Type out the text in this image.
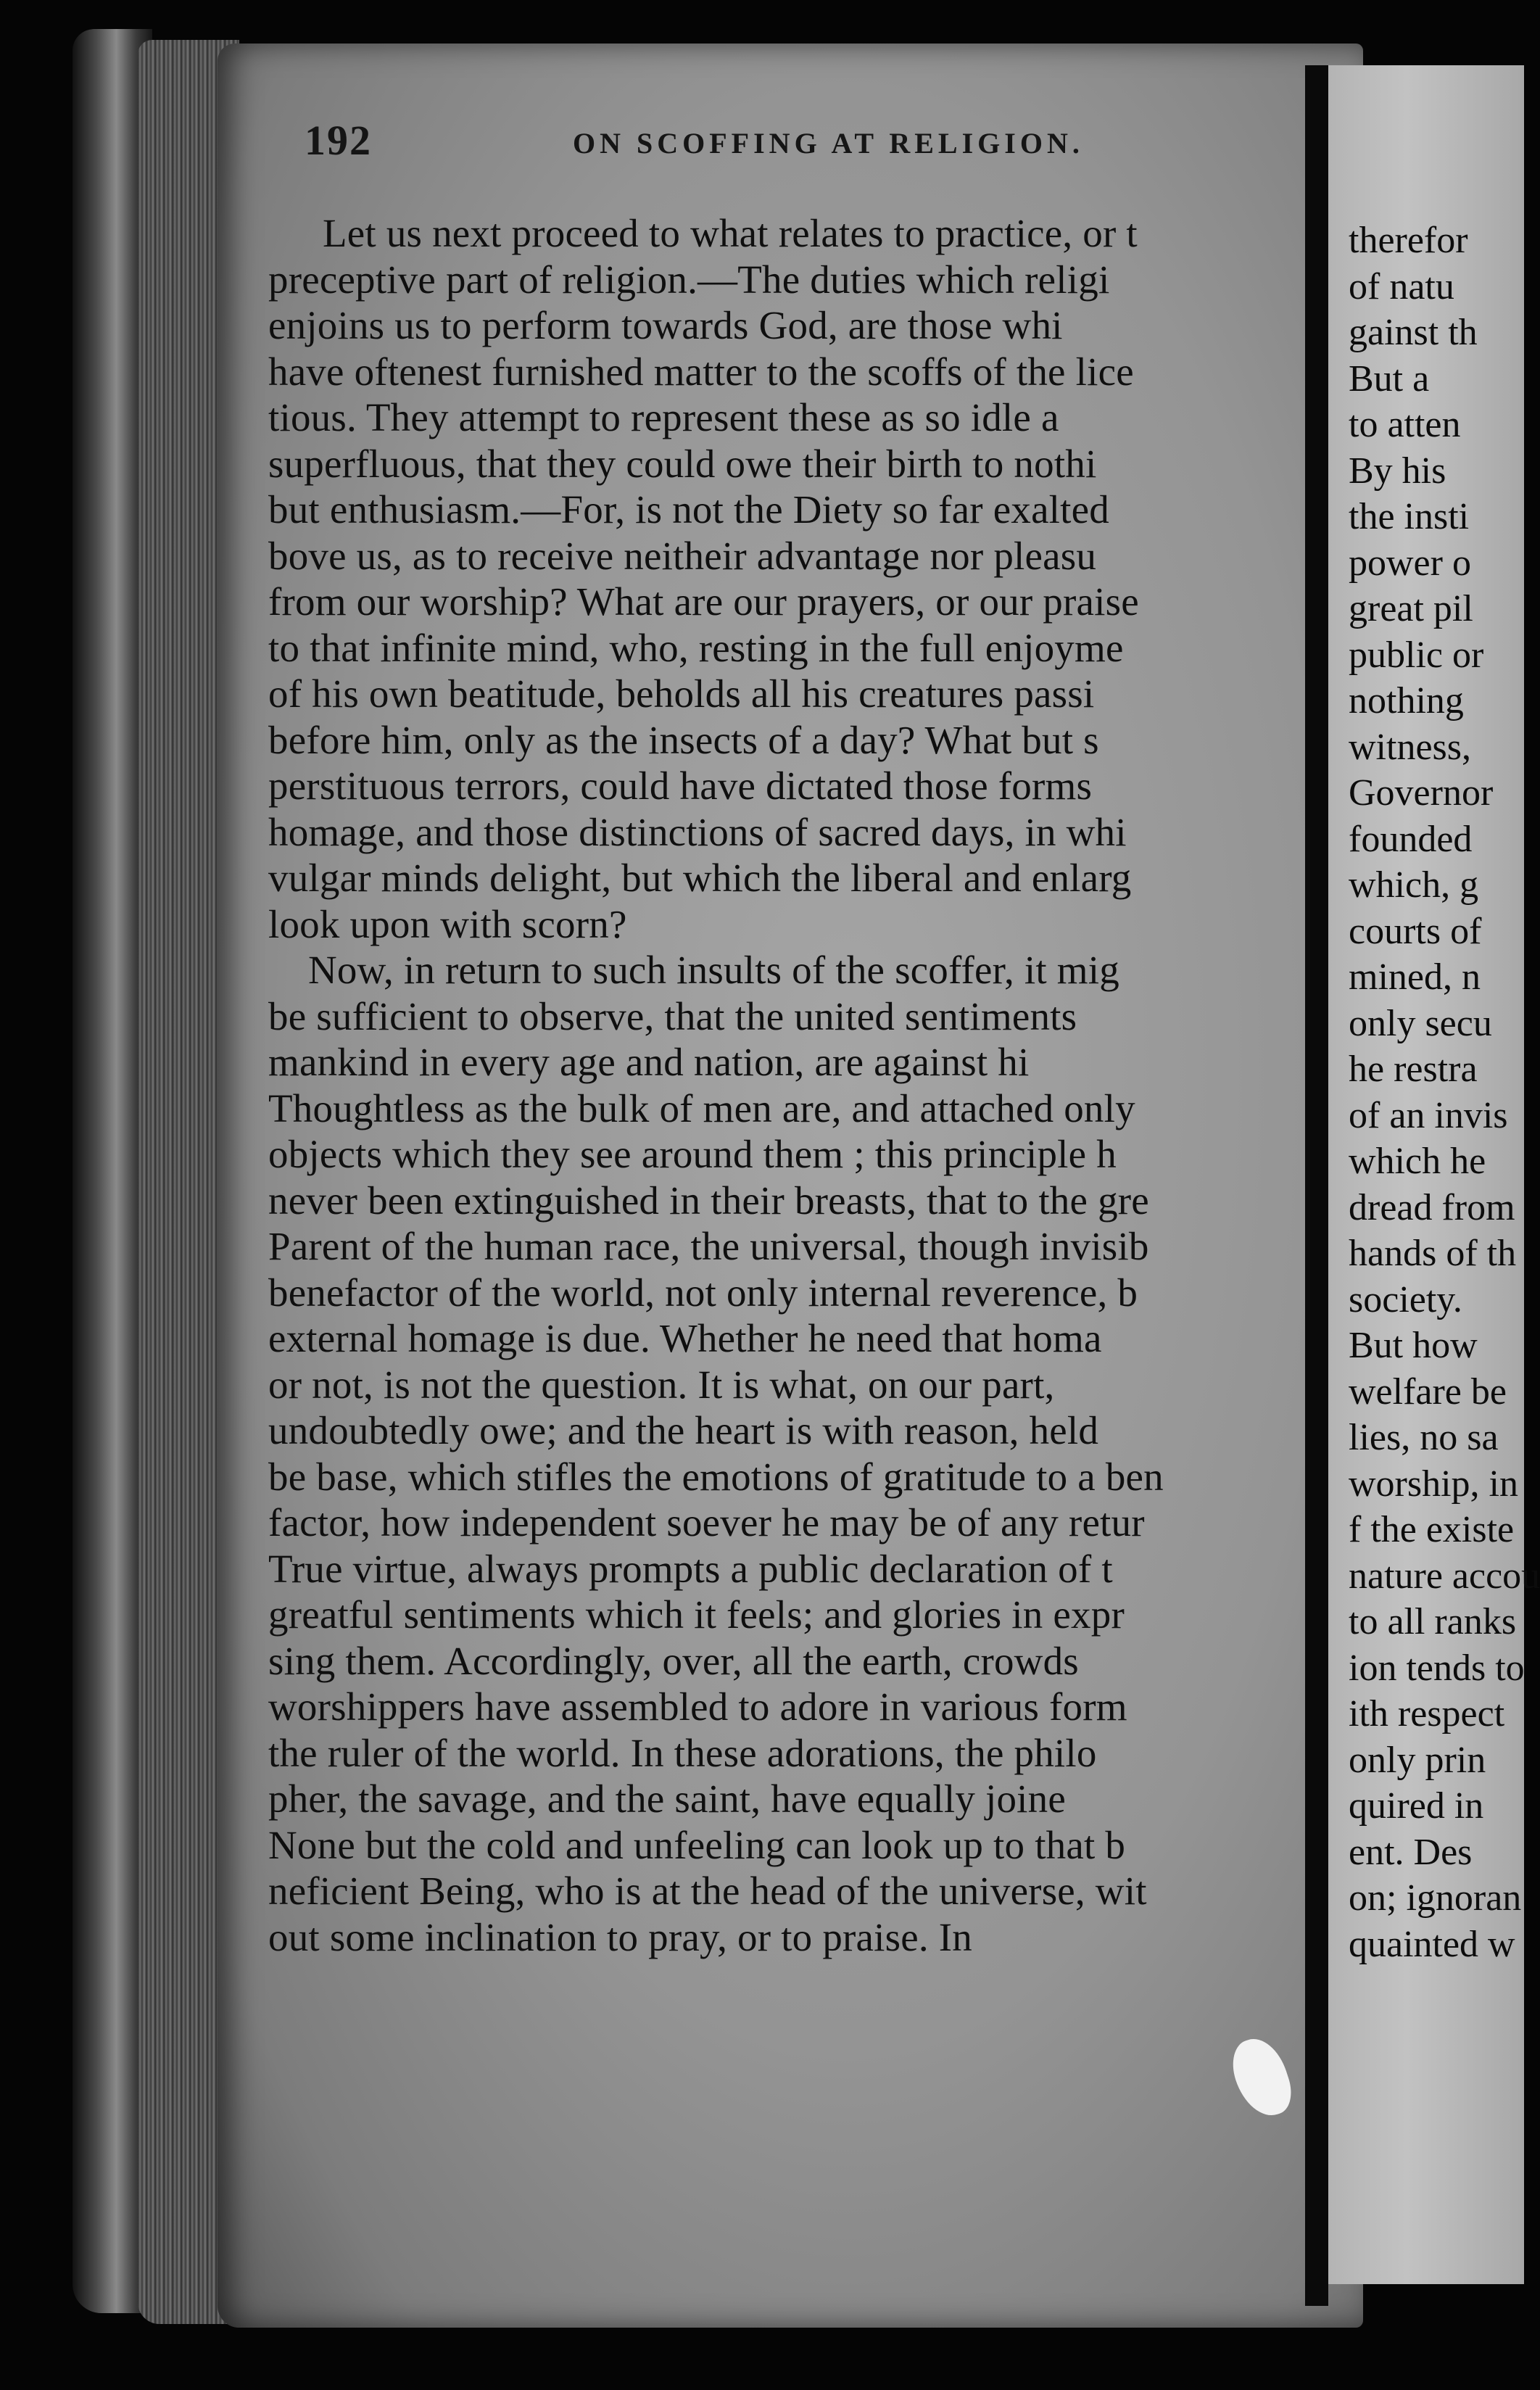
192	ON SCOFFING AT RELIGION.
Let us next proceed to what relates to practice, or t
preceptive part of religion.—The duties which religi
enjoins us to perform towards God, are those whi
have oftenest furnished matter to the scoffs of the lice
tious. They attempt to represent these as so idle a
superfluous, that they could owe their birth to nothi
but enthusiasm.—For, is not the Diety so far exalted
bove us, as to receive neitheir advantage nor pleasu
from our worship? What are our prayers, or our praise
to that infinite mind, who, resting in the full enjoyme
of his own beatitude, beholds all his creatures passi
before him, only as the insects of a day? What but s
perstituous terrors, could have dictated those forms
homage, and those distinctions of sacred days, in whi
vulgar minds delight, but which the liberal and enlarg
look upon with scorn?
Now, in return to such insults of the scoffer, it mig
be sufficient to observe, that the united sentiments
mankind in every age and nation, are against hi
Thoughtless as the bulk of men are, and attached only
objects which they see around them ; this principle h
never been extinguished in their breasts, that to the gre
Parent of the human race, the universal, though invisib
benefactor of the world, not only internal reverence, b
external homage is due. Whether he need that homa
or not, is not the question. It is what, on our part,
undoubtedly owe; and the heart is with reason, held
be base, which stifles the emotions of gratitude to a ben
factor, how independent soever he may be of any retur
True virtue, always prompts a public declaration of t
greatful sentiments which it feels; and glories in expr
sing them. Accordingly, over, all the earth, crowds
worshippers have assembled to adore in various form
the ruler of the world. In these adorations, the philo
pher, the savage, and the saint, have equally joine
None but the cold and unfeeling can look up to that b
neficient Being, who is at the head of the universe, wit
out some inclination to pray, or to praise. In
therefor
of natu
gainst th
But a
to atten
By his
the insti
power o
great pil
public or
nothing
witness,
Governor
founded
which, g
courts of
mined, n
only secu
he restra
of an invis
which he
dread from
hands of th
society.
But how
welfare be
lies, no sa
worship, in
f the existe
nature accou
to all ranks
ion tends to
ith respect
only prin
quired in
ent. Des
on; ignoran
quainted w
